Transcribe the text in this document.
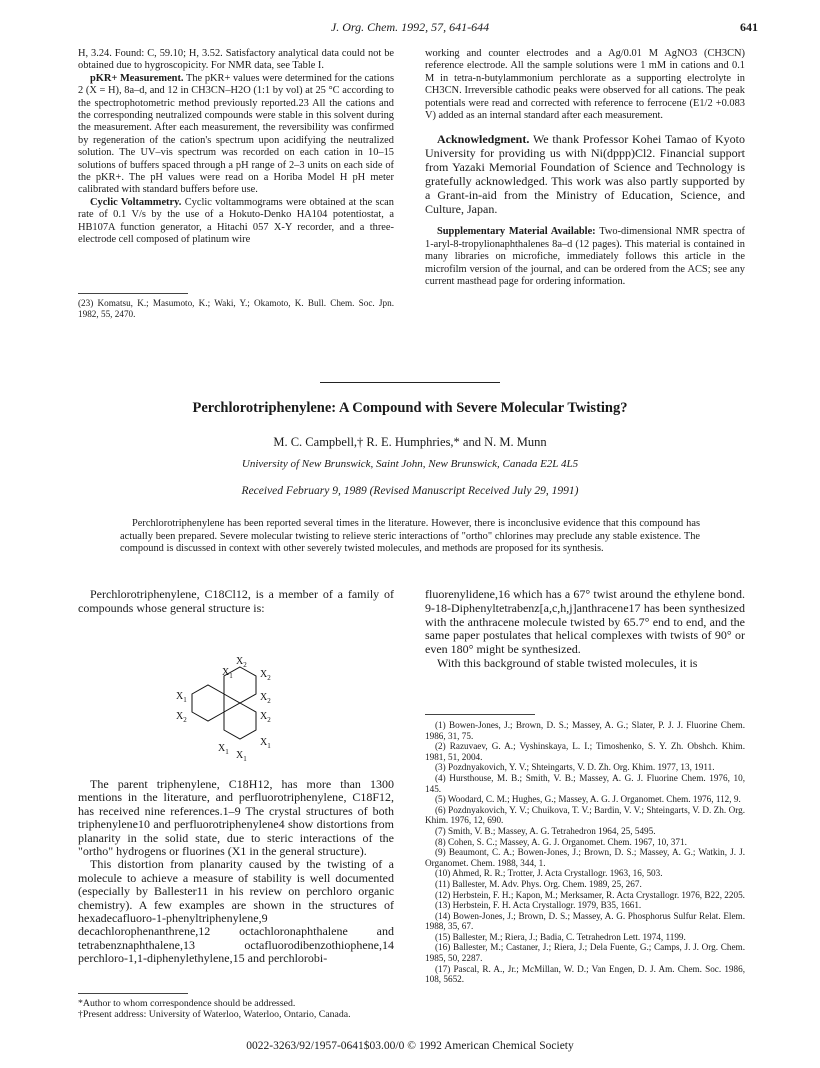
J. Org. Chem. 1992, 57, 641-644	641

H, 3.24. Found: C, 59.10; H, 3.52. Satisfactory analytical data could not be obtained due to hygroscopicity. For NMR data, see Table I.

pKR+ Measurement. The pKR+ values were determined for the cations 2 (X = H), 8a–d, and 12 in CH3CN–H2O (1:1 by vol) at 25 °C according to the spectrophotometric method previously reported.23 All the cations and the corresponding neutralized compounds were stable in this solvent during the measurement. After each measurement, the reversibility was confirmed by regeneration of the cation's spectrum upon acidifying the neutralized solution. The UV–vis spectrum was recorded on each cation in 10–15 solutions of buffers spaced through a pH range of 2–3 units on each side of the pKR+. The pH values were read on a Horiba Model H pH meter calibrated with standard buffers before use.

Cyclic Voltammetry. Cyclic voltammograms were obtained at the scan rate of 0.1 V/s by the use of a Hokuto-Denko HA104 potentiostat, a HB107A function generator, a Hitachi 057 X-Y recorder, and a three-electrode cell composed of platinum wire

(23) Komatsu, K.; Masumoto, K.; Waki, Y.; Okamoto, K. Bull. Chem. Soc. Jpn. 1982, 55, 2470.

working and counter electrodes and a Ag/0.01 M AgNO3 (CH3CN) reference electrode. All the sample solutions were 1 mM in cations and 0.1 M in tetra-n-butylammonium perchlorate as a supporting electrolyte in CH3CN. Irreversible cathodic peaks were observed for all cations. The peak potentials were read and corrected with reference to ferrocene (E1/2 +0.083 V) added as an internal standard after each measurement.

Acknowledgment. We thank Professor Kohei Tamao of Kyoto University for providing us with Ni(dppp)Cl2. Financial support from Yazaki Memorial Foundation of Science and Technology is gratefully acknowledged. This work was also partly supported by a Grant-in-aid from the Ministry of Education, Science, and Culture, Japan.

Supplementary Material Available: Two-dimensional NMR spectra of 1-aryl-8-tropylionaphthalenes 8a–d (12 pages). This material is contained in many libraries on microfiche, immediately follows this article in the microfilm version of the journal, and can be ordered from the ACS; see any current masthead page for ordering information.

Perchlorotriphenylene: A Compound with Severe Molecular Twisting?
M. C. Campbell,† R. E. Humphries,* and N. M. Munn
University of New Brunswick, Saint John, New Brunswick, Canada E2L 4L5
Received February 9, 1989 (Revised Manuscript Received July 29, 1991)
Perchlorotriphenylene has been reported several times in the literature. However, there is inconclusive evidence that this compound has actually been prepared. Severe molecular twisting to relieve steric interactions of "ortho" chlorines may preclude any stable existence. The compound is discussed in context with other severely twisted molecules, and methods are proposed for its synthesis.
Perchlorotriphenylene, C18Cl12, is a member of a family of compounds whose general structure is:
$X_2$
$X_1$	$X_2$
$X_2$
$X_1$
$X_2$	$X_2$
$X_1$ $X_1$
$X_1$
The parent triphenylene, C18H12, has more than 1300 mentions in the literature, and perfluorotriphenylene, C18F12, has received nine references.1–9 The crystal structures of both triphenylene10 and perfluorotriphenylene4 show distortions from planarity in the solid state, due to steric interactions of the "ortho" hydrogens or fluorines (X1 in the general structure).
This distortion from planarity caused by the twisting of a molecule to achieve a measure of stability is well documented (especially by Ballester11 in his review on perchloro organic chemistry). A few examples are shown in the structures of hexadecafluoro-1-phenyltriphenylene,9 decachlorophenanthrene,12 octachloronaphthalene and tetrabenznaphthalene,13 octafluorodibenzothiophene,14 perchloro-1,1-diphenylethylene,15 and perchlorobi-
fluorenylidene,16 which has a 67° twist around the ethylene bond. 9-18-Diphenyltetrabenz[a,c,h,j]anthracene17 has been synthesized with the anthracene molecule twisted by 65.7° end to end, and the same paper postulates that helical complexes with twists of 90° or even 180° might be synthesized.
With this background of stable twisted molecules, it is
(1) Bowen-Jones, J.; Brown, D. S.; Massey, A. G.; Slater, P. J. J. Fluorine Chem. 1986, 31, 75.
(2) Razuvaev, G. A.; Vyshinskaya, L. I.; Timoshenko, S. Y. Zh. Obshch. Khim. 1981, 51, 2004.
(3) Pozdnyakovich, Y. V.; Shteingarts, V. D. Zh. Org. Khim. 1977, 13, 1911.
(4) Hursthouse, M. B.; Smith, V. B.; Massey, A. G. J. Fluorine Chem. 1976, 10, 145.
(5) Woodard, C. M.; Hughes, G.; Massey, A. G. J. Organomet. Chem. 1976, 112, 9.
(6) Pozdnyakovich, Y. V.; Chuikova, T. V.; Bardin, V. V.; Shteingarts, V. D. Zh. Org. Khim. 1976, 12, 690.
(7) Smith, V. B.; Massey, A. G. Tetrahedron 1964, 25, 5495.
(8) Cohen, S. C.; Massey, A. G. J. Organomet. Chem. 1967, 10, 371.
(9) Beaumont, C. A.; Bowen-Jones, J.; Brown, D. S.; Massey, A. G.; Watkin, J. J. Organomet. Chem. 1988, 344, 1.
(10) Ahmed, R. R.; Trotter, J. Acta Crystallogr. 1963, 16, 503.
(11) Ballester, M. Adv. Phys. Org. Chem. 1989, 25, 267.
(12) Herbstein, F. H.; Kapon, M.; Merksamer, R. Acta Crystallogr. 1976, B22, 2205.
(13) Herbstein, F. H. Acta Crystallogr. 1979, B35, 1661.
(14) Bowen-Jones, J.; Brown, D. S.; Massey, A. G. Phosphorus Sulfur Relat. Elem. 1988, 35, 67.
(15) Ballester, M.; Riera, J.; Badia, C. Tetrahedron Lett. 1974, 1199.
(16) Ballester, M.; Castaner, J.; Riera, J.; Dela Fuente, G.; Camps, J. J. Org. Chem. 1985, 50, 2287.
(17) Pascal, R. A., Jr.; McMillan, W. D.; Van Engen, D. J. Am. Chem. Soc. 1986, 108, 5652.
*Author to whom correspondence should be addressed.
†Present address: University of Waterloo, Waterloo, Ontario, Canada.
0022-3263/92/1957-0641$03.00/0 © 1992 American Chemical Society
